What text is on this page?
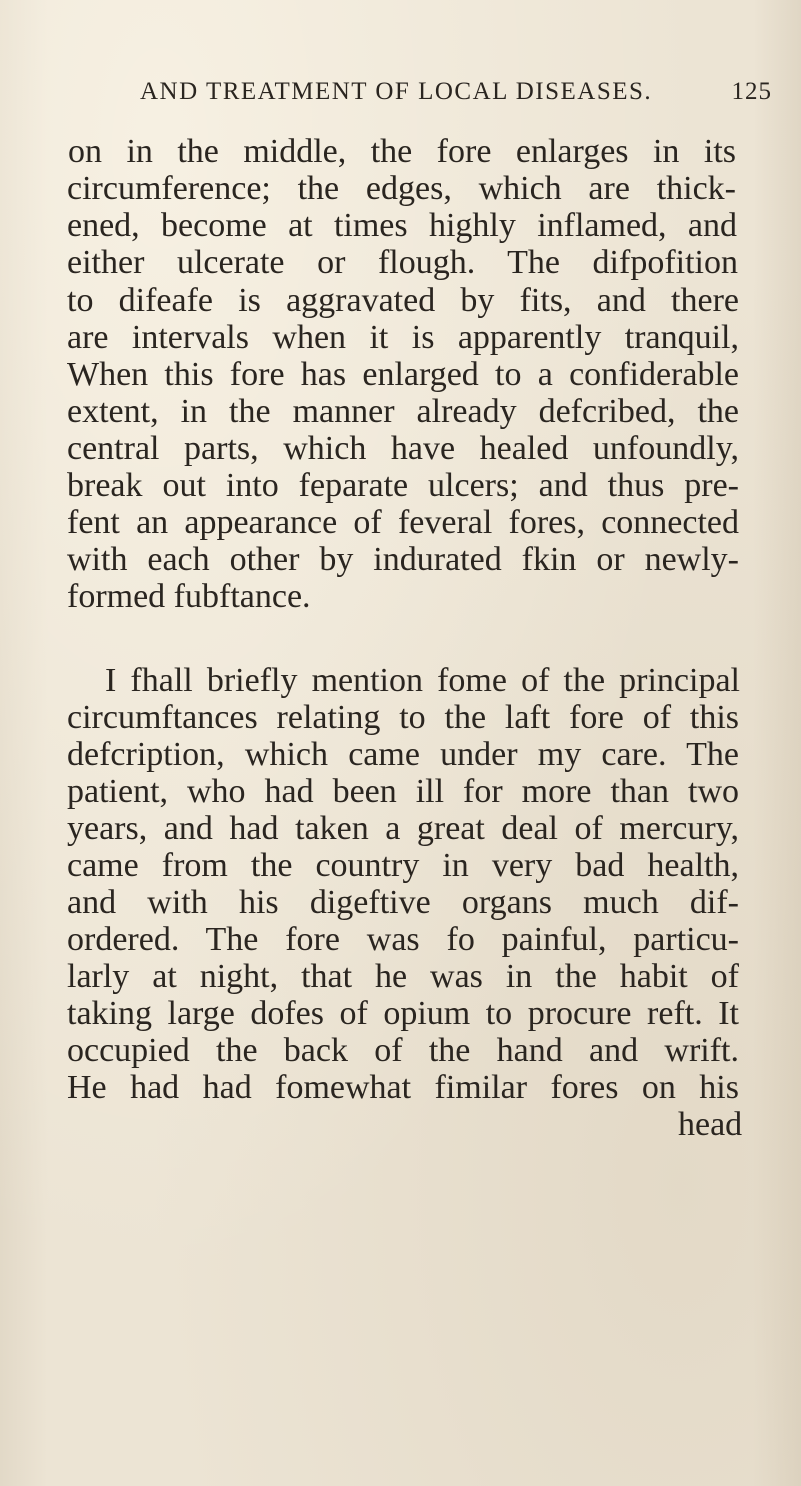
AND TREATMENT OF LOCAL DISEASES.	125
on in the middle, the fore enlarges in its
circumference; the edges, which are thick-
ened, become at times highly inflamed, and
either ulcerate or flough. The difpofition
to difeafe is aggravated by fits, and there
are intervals when it is apparently tranquil,
When this fore has enlarged to a confiderable
extent, in the manner already defcribed, the
central parts, which have healed unfoundly,
break out into feparate ulcers; and thus pre-
fent an appearance of feveral fores, connected
with each other by indurated fkin or newly-
formed fubftance.
I fhall briefly mention fome of the principal
circumftances relating to the laft fore of this
defcription, which came under my care. The
patient, who had been ill for more than two
years, and had taken a great deal of mercury,
came from the country in very bad health,
and with his digeftive organs much dif-
ordered. The fore was fo painful, particu-
larly at night, that he was in the habit of
taking large dofes of opium to procure reft. It
occupied the back of the hand and wrift.
He had had fomewhat fimilar fores on his
head
